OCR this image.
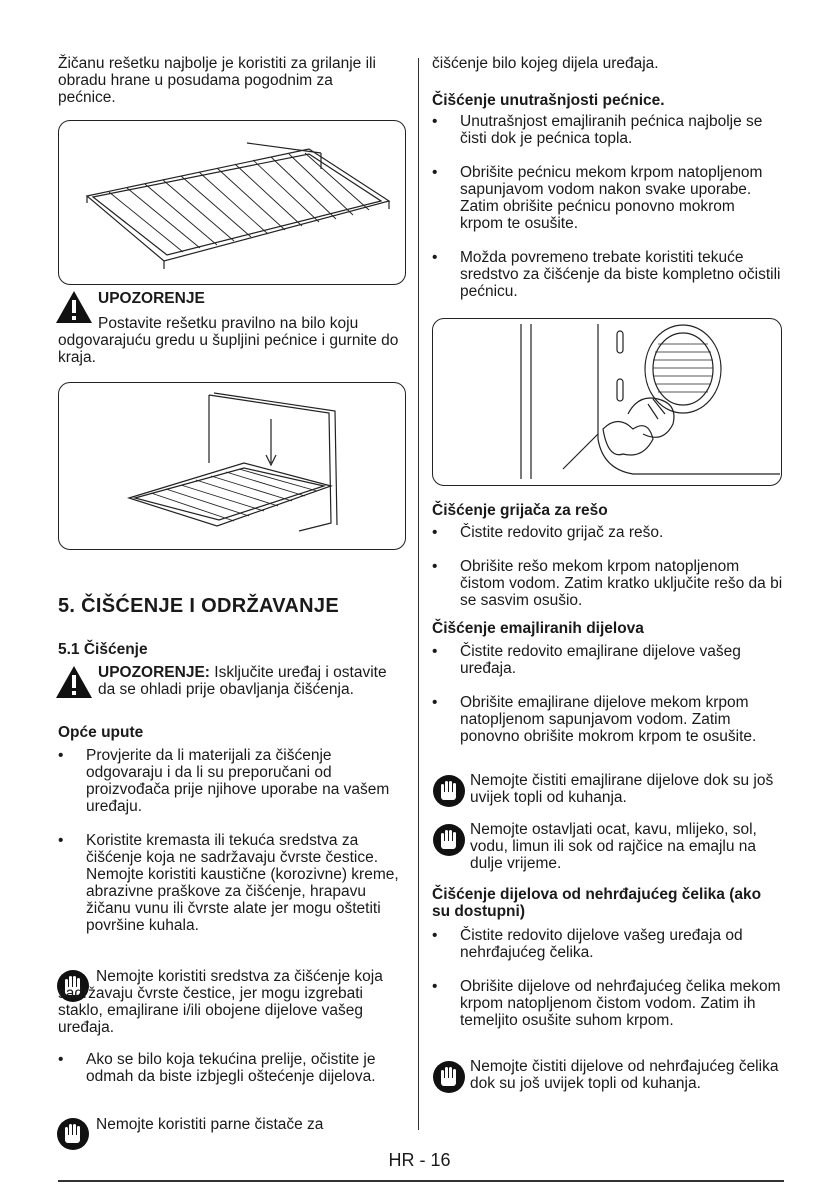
Žičanu rešetku najbolje je koristiti za grilanje ili obradu hrane u posudama pogodnim za pećnice.

UPOZORENJE

Postavite rešetku pravilno na bilo koju odgovarajuću gredu u šupljini pećnice i gurnite do kraja.

5. ČIŠĆENJE I ODRŽAVANJE

5.1 Čišćenje

UPOZORENJE: Isključite uređaj i ostavite da se ohladi prije obavljanja čišćenja.

Opće upute

• Provjerite da li materijali za čišćenje odgovaraju i da li su preporučani od proizvođača prije njihove uporabe na vašem uređaju.
• Koristite kremasta ili tekuća sredstva za čišćenje koja ne sadržavaju čvrste čestice. Nemojte koristiti kaustične (korozivne) kreme, abrazivne praškove za čišćenje, hrapavu žičanu vunu ili čvrste alate jer mogu oštetiti površine kuhala.

Nemojte koristiti sredstva za čišćenje koja sadržavaju čvrste čestice, jer mogu izgrebati staklo, emajlirane i/ili obojene dijelove vašeg uređaja.

• Ako se bilo koja tekućina prelije, očistite je odmah da biste izbjegli oštećenje dijelova.

Nemojte koristiti parne čistače za

čišćenje bilo kojeg dijela uređaja.

Čišćenje unutrašnjosti pećnice.

• Unutrašnjost emajliranih pećnica najbolje se čisti dok je pećnica topla.
• Obrišite pećnicu mekom krpom natopljenom sapunjavom vodom nakon svake uporabe. Zatim obrišite pećnicu ponovno mokrom krpom te osušite.
• Možda povremeno trebate koristiti tekuće sredstvo za čišćenje da biste kompletno očistili pećnicu.

Čišćenje grijača za rešo

• Čistite redovito grijač za rešo.
• Obrišite rešo mekom krpom natopljenom čistom vodom. Zatim kratko uključite rešo da bi se sasvim osušio.

Čišćenje emajliranih dijelova

• Čistite redovito emajlirane dijelove vašeg uređaja.
• Obrišite emajlirane dijelove mekom krpom natopljenom sapunjavom vodom. Zatim ponovno obrišite mokrom krpom te osušite.

Nemojte čistiti emajlirane dijelove dok su još uvijek topli od kuhanja.

Nemojte ostavljati ocat, kavu, mlijeko, sol, vodu, limun ili sok od rajčice na emajlu na dulje vrijeme.

Čišćenje dijelova od nehrđajućeg čelika (ako su dostupni)

• Čistite redovito dijelove vašeg uređaja od nehrđajućeg čelika.
• Obrišite dijelove od nehrđajućeg čelika mekom krpom natopljenom čistom vodom. Zatim ih temeljito osušite suhom krpom.

Nemojte čistiti dijelove od nehrđajućeg čelika dok su još uvijek topli od kuhanja.

HR - 16
